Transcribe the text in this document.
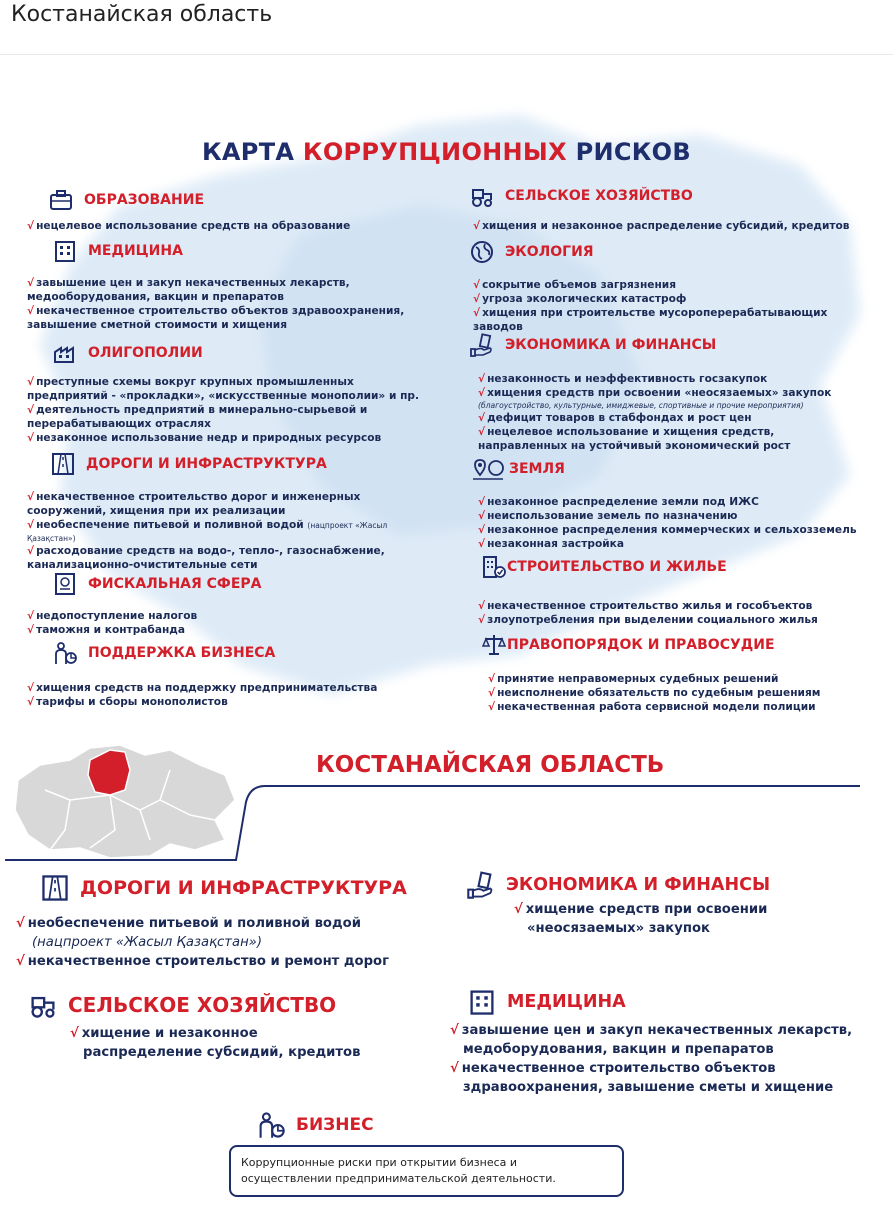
Костанайская область
КАРТА КОРРУПЦИОННЫХ РИСКОВ
ОБРАЗОВАНИЕ
√ нецелевое использование средств на образование
МЕДИЦИНА
√ завышение цен и закуп некачественных лекарств,
медооборудования, вакцин и препаратов
√ некачественное строительство объектов здравоохранения,
завышение сметной стоимости и хищения
ОЛИГОПОЛИИ
√ преступные схемы вокруг крупных промышленных
предприятий - «прокладки», «искусственные монополии» и пр.
√ деятельность предприятий в минерально-сырьевой и
перерабатывающих отраслях
√ незаконное использование недр и природных ресурсов
ДОРОГИ И ИНФРАСТРУКТУРА
√ некачественное строительство дорог и инженерных
сооружений, хищения при их реализации
√ необеспечение питьевой и поливной водой (нацпроект «Жасыл
Қазақстан»)
√ расходование средств на водо-, тепло-, газоснабжение,
канализационно-очистительные сети
ФИСКАЛЬНАЯ СФЕРА
√ недопоступление налогов
√ таможня и контрабанда
ПОДДЕРЖКА БИЗНЕСА
√ хищения средств на поддержку предпринимательства
√ тарифы и сборы монополистов
СЕЛЬСКОЕ ХОЗЯЙСТВО
√ хищения и незаконное распределение субсидий, кредитов
ЭКОЛОГИЯ
√ сокрытие объемов загрязнения
√ угроза экологических катастроф
√ хищения при строительстве мусороперерабатывающих
заводов
ЭКОНОМИКА И ФИНАНСЫ
√ незаконность и неэффективность госзакупок
√ хищения средств при освоении «неосязаемых» закупок
(благоустройство, культурные, имиджевые, спортивные и прочие мероприятия)
√ дефицит товаров в стабфондах и рост цен
√ нецелевое использование и хищения средств,
направленных на устойчивый экономический рост
ЗЕМЛЯ
√ незаконное распределение земли под ИЖС
√ неиспользование земель по назначению
√ незаконное распределения коммерческих и сельхозземель
√ незаконная застройка
СТРОИТЕЛЬСТВО И ЖИЛЬЕ
√ некачественное строительство жилья и гособъектов
√ злоупотребления при выделении социального жилья
ПРАВОПОРЯДОК И ПРАВОСУДИЕ
√ принятие неправомерных судебных решений
√ неисполнение обязательств по судебным решениям
√ некачественная работа сервисной модели полиции
КОСТАНАЙСКАЯ ОБЛАСТЬ
ДОРОГИ И ИНФРАСТРУКТУРА
√ необеспечение питьевой и поливной водой
(нацпроект «Жасыл Қазақстан»)
√ некачественное строительство и ремонт дорог
ЭКОНОМИКА И ФИНАНСЫ
√ хищение средств при освоении
«неосязаемых» закупок
СЕЛЬСКОЕ ХОЗЯЙСТВО
√ хищение и незаконное
распределение субсидий, кредитов
МЕДИЦИНА
√ завышение цен и закуп некачественных лекарств,
медоборудования, вакцин и препаратов
√ некачественное строительство объектов
здравоохранения, завышение сметы и хищение
БИЗНЕС
Коррупционные риски при открытии бизнеса и
осуществлении предпринимательской деятельности.
